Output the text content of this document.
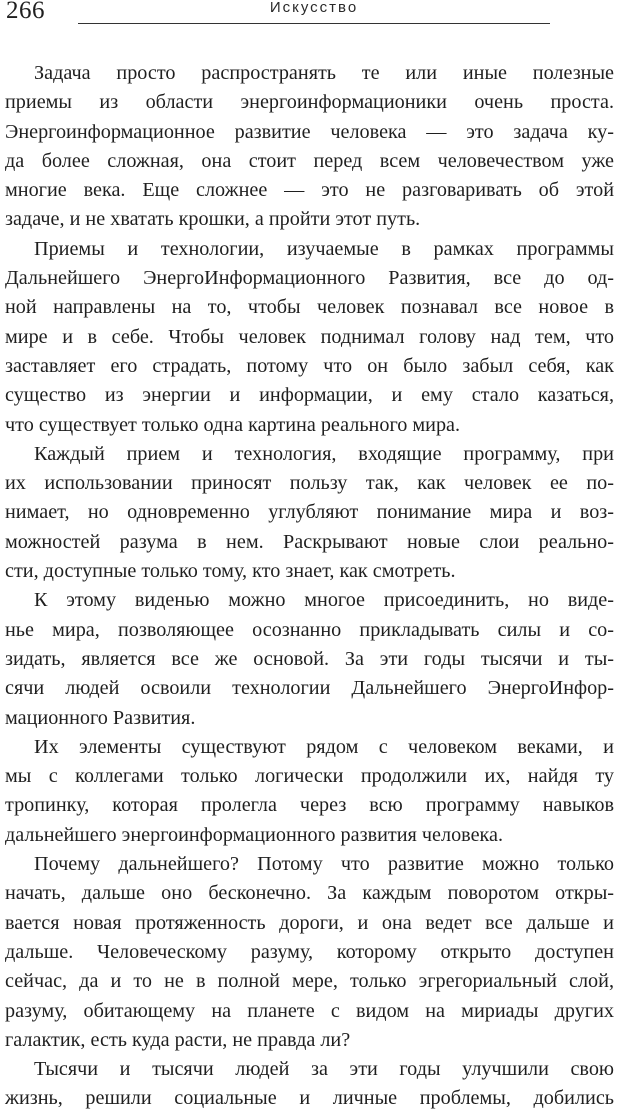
266	Искусство

Задача просто распространять те или иные полезные
приемы из области энергоинформационики очень проста.
Энергоинформационное развитие человека — это задача ку-
да более сложная, она стоит перед всем человечеством уже
многие века. Еще сложнее — это не разговаривать об этой
задаче, и не хватать крошки, а пройти этот путь.

Приемы и технологии, изучаемые в рамках программы
Дальнейшего ЭнергоИнформационного Развития, все до од-
ной направлены на то, чтобы человек познавал все новое в
мире и в себе. Чтобы человек поднимал голову над тем, что
заставляет его страдать, потому что он было забыл себя, как
существо из энергии и информации, и ему стало казаться,
что существует только одна картина реального мира.

Каждый прием и технология, входящие программу, при
их использовании приносят пользу так, как человек ее по-
нимает, но одновременно углубляют понимание мира и воз-
можностей разума в нем. Раскрывают новые слои реально-
сти, доступные только тому, кто знает, как смотреть.

К этому виденью можно многое присоединить, но виде-
нье мира, позволяющее осознанно прикладывать силы и со-
зидать, является все же основой. За эти годы тысячи и ты-
сячи людей освоили технологии Дальнейшего ЭнергоИнфор-
мационного Развития.

Их элементы существуют рядом с человеком веками, и
мы с коллегами только логически продолжили их, найдя ту
тропинку, которая пролегла через всю программу навыков
дальнейшего энергоинформационного развития человека.

Почему дальнейшего? Потому что развитие можно только
начать, дальше оно бесконечно. За каждым поворотом откры-
вается новая протяженность дороги, и она ведет все дальше и
дальше. Человеческому разуму, которому открыто доступен
сейчас, да и то не в полной мере, только эгрегориальный слой,
разуму, обитающему на планете с видом на мириады других
галактик, есть куда расти, не правда ли?

Тысячи и тысячи людей за эти годы улучшили свою
жизнь, решили социальные и личные проблемы, добились
